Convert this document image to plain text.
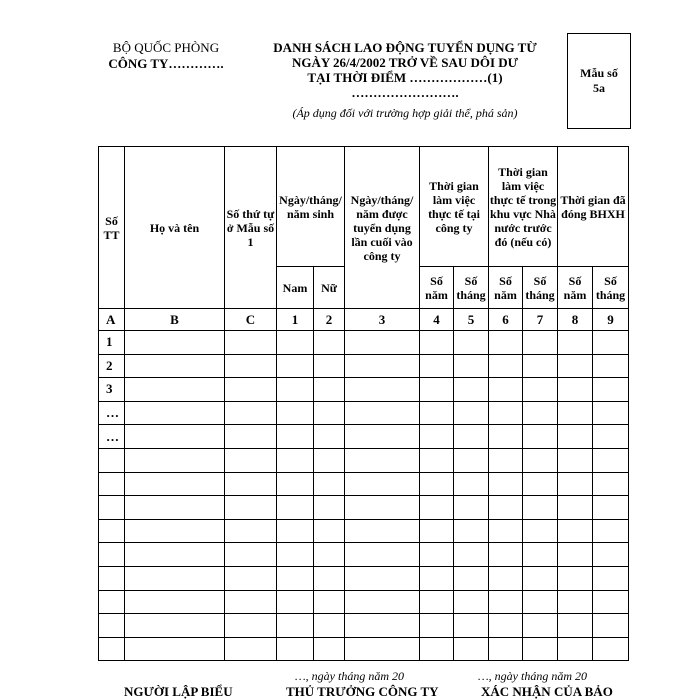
BỘ QUỐC PHÒNG
CÔNG TY………….
DANH SÁCH LAO ĐỘNG TUYỂN DỤNG TỪ
NGÀY 26/4/2002 TRỞ VỀ SAU DÔI DƯ
TẠI THỜI ĐIỂM ………………(1)
…………………….
(Áp dụng đối với trường hợp giải thể, phá sản)
Mẫu số 5a
Số TT	Họ và tên	Số thứ tự ở Mẫu số 1	Ngày/tháng/ năm sinh		Ngày/tháng/ năm được tuyển dụng lần cuối vào công ty	Thời gian làm việc thực tế tại công ty		Thời gian làm việc thực tế trong khu vực Nhà nước trước đó (nếu có)		Thời gian đã đóng BHXH	
			Nam	Nữ		Số năm	Số tháng	Số năm	Số tháng	Số năm	Số tháng
A	B	C	1	2	3	4	5	6	7	8	9
1											
2											
3											
…											
…											

…, ngày tháng năm 20	…, ngày tháng năm 20
NGƯỜI LẬP BIỂU	THỦ TRƯỞNG CÔNG TY	XÁC NHẬN CỦA BẢO
